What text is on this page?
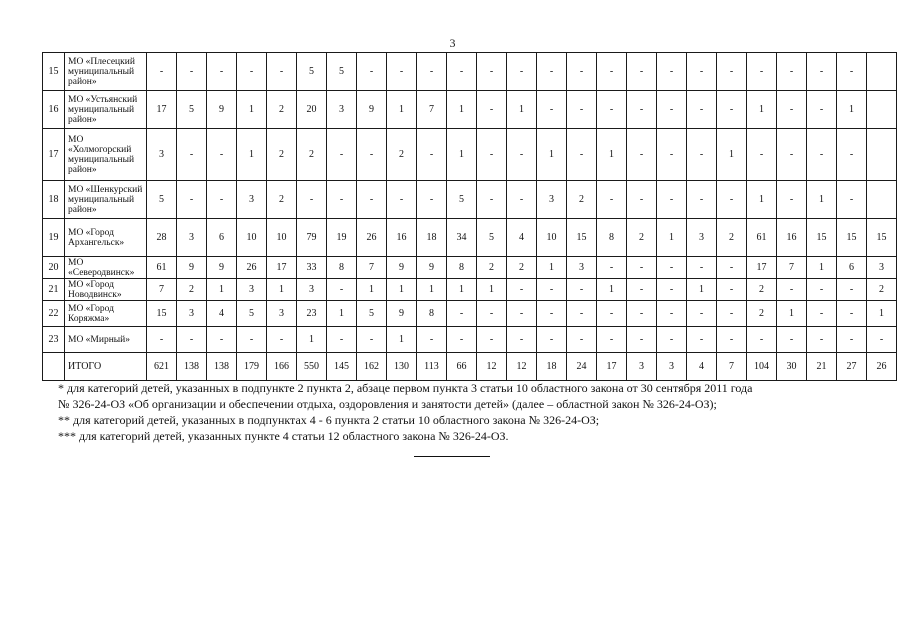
3
15	МО «Плесецкий муниципальный район»	-	-	-	-	-	5	5	-	-	-	-	-	-	-	-	-	-	-	-	-	-	-	-	-	
16	МО «Устьянский муниципальный район»	17	5	9	1	2	20	3	9	1	7	1	-	1	-	-	-	-	-	-	-	1	-	-	1	
17	МО «Холмогорский муниципальный район»	3	-	-	1	2	2	-	-	2	-	1	-	-	1	-	1	-	-	-	1	-	-	-	-	
18	МО «Шенкурский муниципальный район»	5	-	-	3	2	-	-	-	-	-	5	-	-	3	2	-	-	-	-	-	1	-	1	-	
19	МО «Город Архангельск»	28	3	6	10	10	79	19	26	16	18	34	5	4	10	15	8	2	1	3	2	61	16	15	15	15
20	МО «Северодвинск»	61	9	9	26	17	33	8	7	9	9	8	2	2	1	3	-	-	-	-	-	17	7	1	6	3
21	МО «Город Новодвинск»	7	2	1	3	1	3	-	1	1	1	1	1	-	-	-	1	-	-	1	-	2	-	-	-	2
22	МО «Город Коряжма»	15	3	4	5	3	23	1	5	9	8	-	-	-	-	-	-	-	-	-	-	2	1	-	-	1
23	МО «Мирный»	-	-	-	-	-	1	-	-	1	-	-	-	-	-	-	-	-	-	-	-	-	-	-	-	-
	ИТОГО	621	138	138	179	166	550	145	162	130	113	66	12	12	18	24	17	3	3	4	7	104	30	21	27	26

* для категорий детей, указанных в подпункте 2 пункта 2, абзаце первом пункта 3 статьи 10 областного закона от 30 сентября 2011 года

№ 326-24-ОЗ «Об организации и обеспечении отдыха, оздоровления и занятости детей» (далее – областной закон № 326-24-ОЗ);

** для категорий детей, указанных в подпунктах 4 - 6 пункта 2 статьи 10 областного закона № 326-24-ОЗ;

*** для категорий детей, указанных пункте 4 статьи 12 областного закона № 326-24-ОЗ.
